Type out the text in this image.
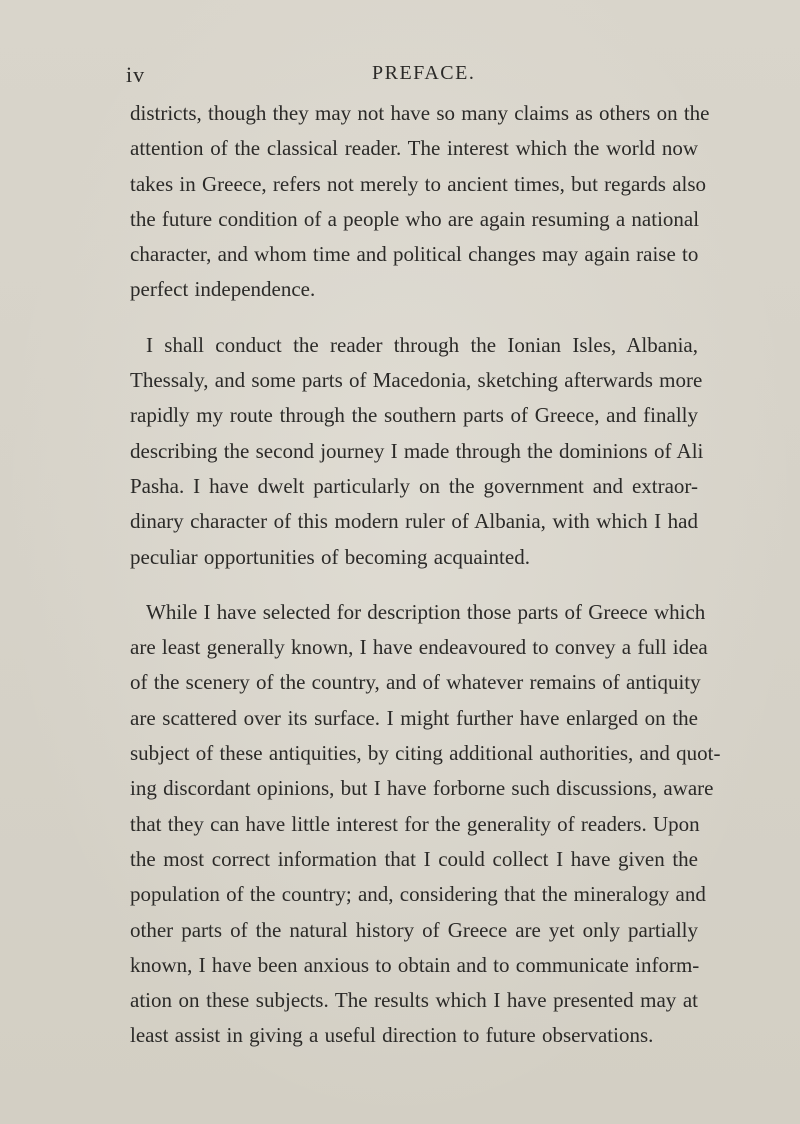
iv	PREFACE.

districts, though they may not have so many claims as others on the
attention of the classical reader. The interest which the world now
takes in Greece, refers not merely to ancient times, but regards also
the future condition of a people who are again resuming a national
character, and whom time and political changes may again raise to
perfect independence.

I shall conduct the reader through the Ionian Isles, Albania,
Thessaly, and some parts of Macedonia, sketching afterwards more
rapidly my route through the southern parts of Greece, and finally
describing the second journey I made through the dominions of Ali
Pasha. I have dwelt particularly on the government and extraor-
dinary character of this modern ruler of Albania, with which I had
peculiar opportunities of becoming acquainted.

While I have selected for description those parts of Greece which
are least generally known, I have endeavoured to convey a full idea
of the scenery of the country, and of whatever remains of antiquity
are scattered over its surface. I might further have enlarged on the
subject of these antiquities, by citing additional authorities, and quot-
ing discordant opinions, but I have forborne such discussions, aware
that they can have little interest for the generality of readers. Upon
the most correct information that I could collect I have given the
population of the country; and, considering that the mineralogy and
other parts of the natural history of Greece are yet only partially
known, I have been anxious to obtain and to communicate inform-
ation on these subjects. The results which I have presented may at
least assist in giving a useful direction to future observations.
